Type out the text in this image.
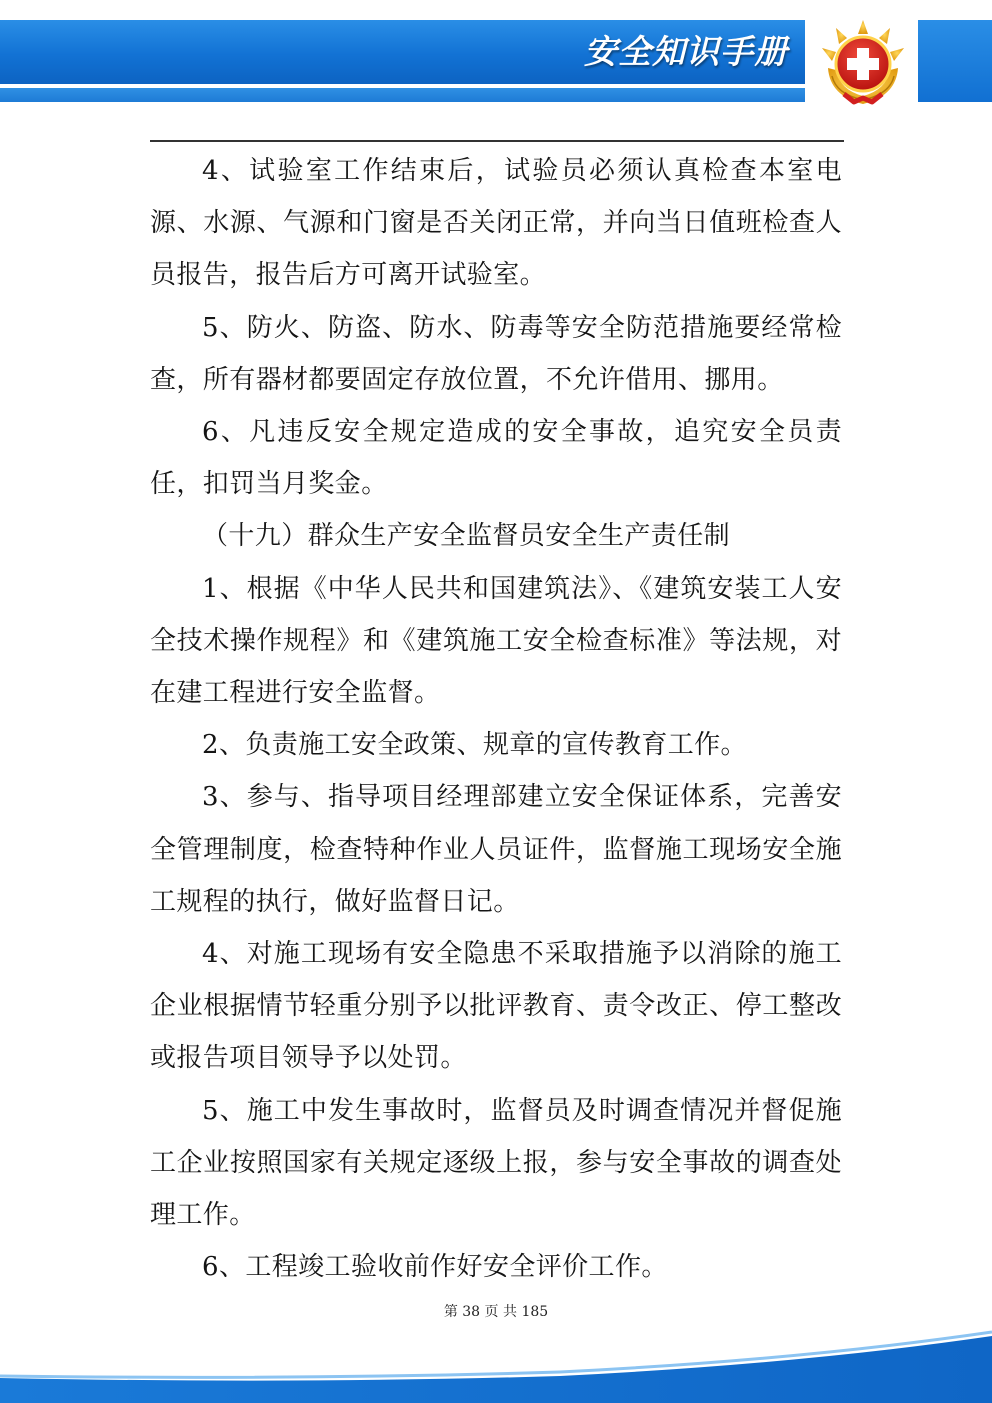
安全知识手册

4、试验室工作结束后，试验员必须认真检查本室电源、水源、气源和门窗是否关闭正常，并向当日值班检查人员报告，报告后方可离开试验室。

5、防火、防盗、防水、防毒等安全防范措施要经常检查，所有器材都要固定存放位置，不允许借用、挪用。

6、凡违反安全规定造成的安全事故，追究安全员责任，扣罚当月奖金。

（十九）群众生产安全监督员安全生产责任制

1、根据《中华人民共和国建筑法》、《建筑安装工人安全技术操作规程》和《建筑施工安全检查标准》等法规，对在建工程进行安全监督。

2、负责施工安全政策、规章的宣传教育工作。

3、参与、指导项目经理部建立安全保证体系，完善安全管理制度，检查特种作业人员证件，监督施工现场安全施工规程的执行，做好监督日记。

4、对施工现场有安全隐患不采取措施予以消除的施工企业根据情节轻重分别予以批评教育、责令改正、停工整改或报告项目领导予以处罚。

5、施工中发生事故时，监督员及时调查情况并督促施工企业按照国家有关规定逐级上报，参与安全事故的调查处理工作。

6、工程竣工验收前作好安全评价工作。

第 38 页 共 185
